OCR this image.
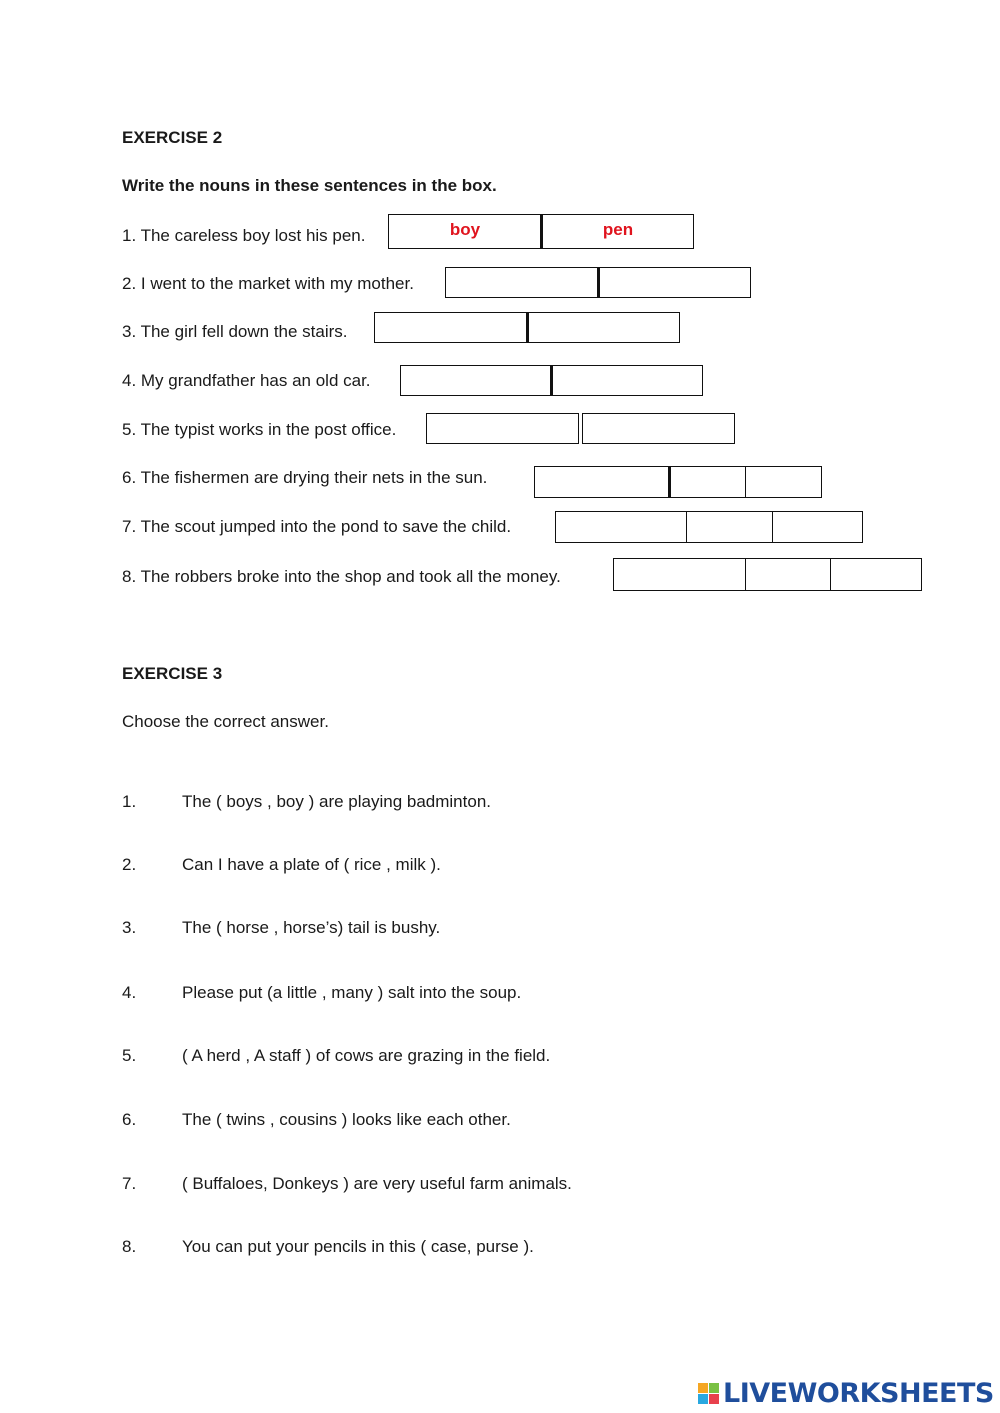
EXERCISE 2
Write the nouns in these sentences in the box.
1. The careless boy lost his pen.	boy	pen
2. I went to the market with my mother.
3. The girl fell down the stairs.
4. My grandfather has an old car.
5. The typist works in the post office.
6. The fishermen are drying their nets in the sun.
7. The scout jumped into the pond to save the child.
8. The robbers broke into the shop and took all the money.
EXERCISE 3
Choose the correct answer.
1.	The ( boys , boy ) are playing badminton.
2.	Can I have a plate of ( rice , milk ).
3.	The ( horse , horse’s) tail is bushy.
4.	Please put (a little , many ) salt into the soup.
5.	( A herd , A staff ) of cows are grazing in the field.
6.	The ( twins , cousins ) looks like each other.
7.	( Buffaloes, Donkeys ) are very useful farm animals.
8.	You can put your pencils in this ( case, purse ).
LIVEWORKSHEETS
